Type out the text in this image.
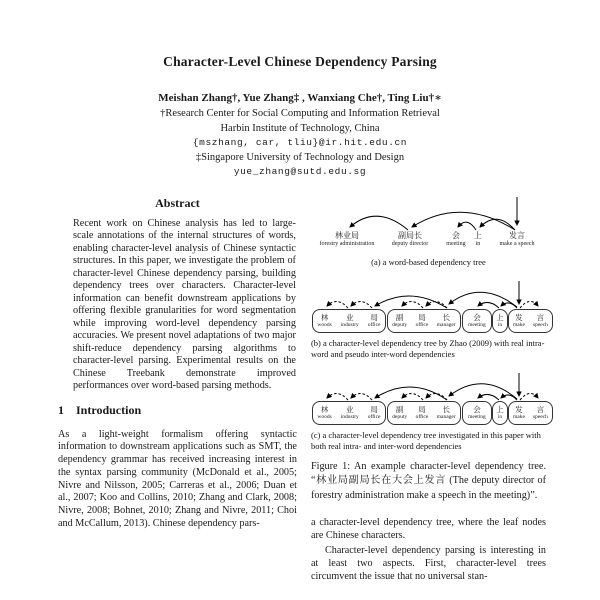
Character-Level Chinese Dependency Parsing
Meishan Zhang†, Yue Zhang‡ , Wanxiang Che†, Ting Liu†∗
†Research Center for Social Computing and Information Retrieval
Harbin Institute of Technology, China
{mszhang, car, tliu}@ir.hit.edu.cn
‡Singapore University of Technology and Design
yue_zhang@sutd.edu.sg
Abstract
Recent work on Chinese analysis has led to large-scale annotations of the internal structures of words, enabling character-level analysis of Chinese syntactic structures. In this paper, we investigate the problem of character-level Chinese dependency parsing, building dependency trees over characters. Character-level information can benefit downstream applications by offering flexible granularities for word segmentation while improving word-level dependency parsing accuracies. We present novel adaptations of two major shift-reduce dependency parsing algorithms to character-level parsing. Experimental results on the Chinese Treebank demonstrate improved performances over word-based parsing methods.
1 Introduction
As a light-weight formalism offering syntactic information to downstream applications such as SMT, the dependency grammar has received increasing interest in the syntax parsing community (McDonald et al., 2005; Nivre and Nilsson, 2005; Carreras et al., 2006; Duan et al., 2007; Koo and Collins, 2010; Zhang and Clark, 2008; Nivre, 2008; Bohnet, 2010; Zhang and Nivre, 2011; Choi and McCallum, 2013). Chinese dependency pars-
林业局
forestry administration
副局长
deputy director
会
meeting
上
in
发言
make a speech
(a) a word-based dependency tree
林
woods
业
industry
局
office
副
deputy
局
office
长
manager
会
meeting
上
in
发
make
言
speech
(b) a character-level dependency tree by Zhao (2009) with real intra-word and pseudo inter-word dependencies
林
woods
业
industry
局
office
副
deputy
局
office
长
manager
会
meeting
上
in
发
make
言
speech
(c) a character-level dependency tree investigated in this paper with both real intra- and inter-word dependencies
Figure 1: An example character-level dependency tree. “林业局副局长在大会上发言 (The deputy director of forestry administration make a speech in the meeting)”.
a character-level dependency tree, where the leaf nodes are Chinese characters.
Character-level dependency parsing is interesting in at least two aspects. First, character-level trees circumvent the issue that no universal stan-
